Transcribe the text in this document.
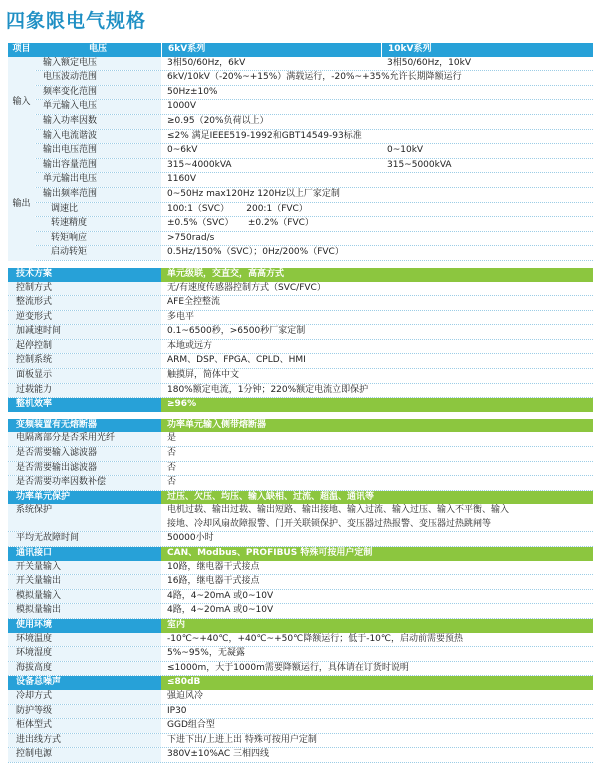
四象限电气规格
项目	电压	6kV系列	10kV系列
输入
输入额定电压	3相50/60Hz，6kV	3相50/60Hz，10kV
电压波动范围	6kV/10kV（-20%~+15%）满载运行，-20%~+35%允许长期降额运行
频率变化范围	50Hz±10%
单元输入电压	1000V
输入功率因数	≥0.95（20%负荷以上）
输入电流谐波	≤2% 满足IEEE519-1992和GBT14549-93标准
输出
输出电压范围	0~6kV	0~10kV
输出容量范围	315~4000kVA	315~5000kVA
单元输出电压	1160V
输出频率范围	0~50Hz max120Hz 120Hz以上厂家定制
调速比	100:1（SVC）      200:1（FVC）
转速精度	±0.5%（SVC）     ±0.2%（FVC）
转矩响应	>750rad/s
启动转矩	0.5Hz/150%（SVC）；0Hz/200%（FVC）
技术方案	单元级联，交直交，高高方式
控制方式	无/有速度传感器控制方式（SVC/FVC）
整流形式	AFE全控整流
逆变形式	多电平
加减速时间	0.1~6500秒，>6500秒厂家定制
起停控制	本地或远方
控制系统	ARM、DSP、FPGA、CPLD、HMI
面板显示	触摸屏，简体中文
过载能力	180%额定电流，1分钟；220%额定电流立即保护
整机效率	≥96%
变频装置有无熔断器	功率单元输入侧带熔断器
电隔离部分是否采用光纤	是
是否需要输入滤波器	否
是否需要输出滤波器	否
是否需要功率因数补偿	否
功率单元保护	过压、欠压、均压、输入缺相、过流、超温、通讯等
系统保护	电机过载、输出过载、输出短路、输出接地、输入过流、输入过压、输入不平衡、输入
接地、冷却风扇故障报警、门开关联锁保护、变压器过热报警、变压器过热跳闸等
平均无故障时间	50000小时
通讯接口	CAN、Modbus、PROFIBUS 特殊可按用户定制
开关量输入	10路，继电器干式接点
开关量输出	16路，继电器干式接点
模拟量输入	4路，4~20mA 或0~10V
模拟量输出	4路，4~20mA 或0~10V
使用环境	室内
环境温度	-10℃~+40℃，+40℃~+50℃降额运行；低于-10℃，启动前需要预热
环境湿度	5%~95%，无凝露
海拔高度	≤1000m，大于1000m需要降额运行，具体请在订货时说明
设备总噪声	≤80dB
冷却方式	强迫风冷
防护等级	IP30
柜体型式	GGD组合型
进出线方式	下进下出/上进上出 特殊可按用户定制
控制电源	380V±10%AC 三相四线
